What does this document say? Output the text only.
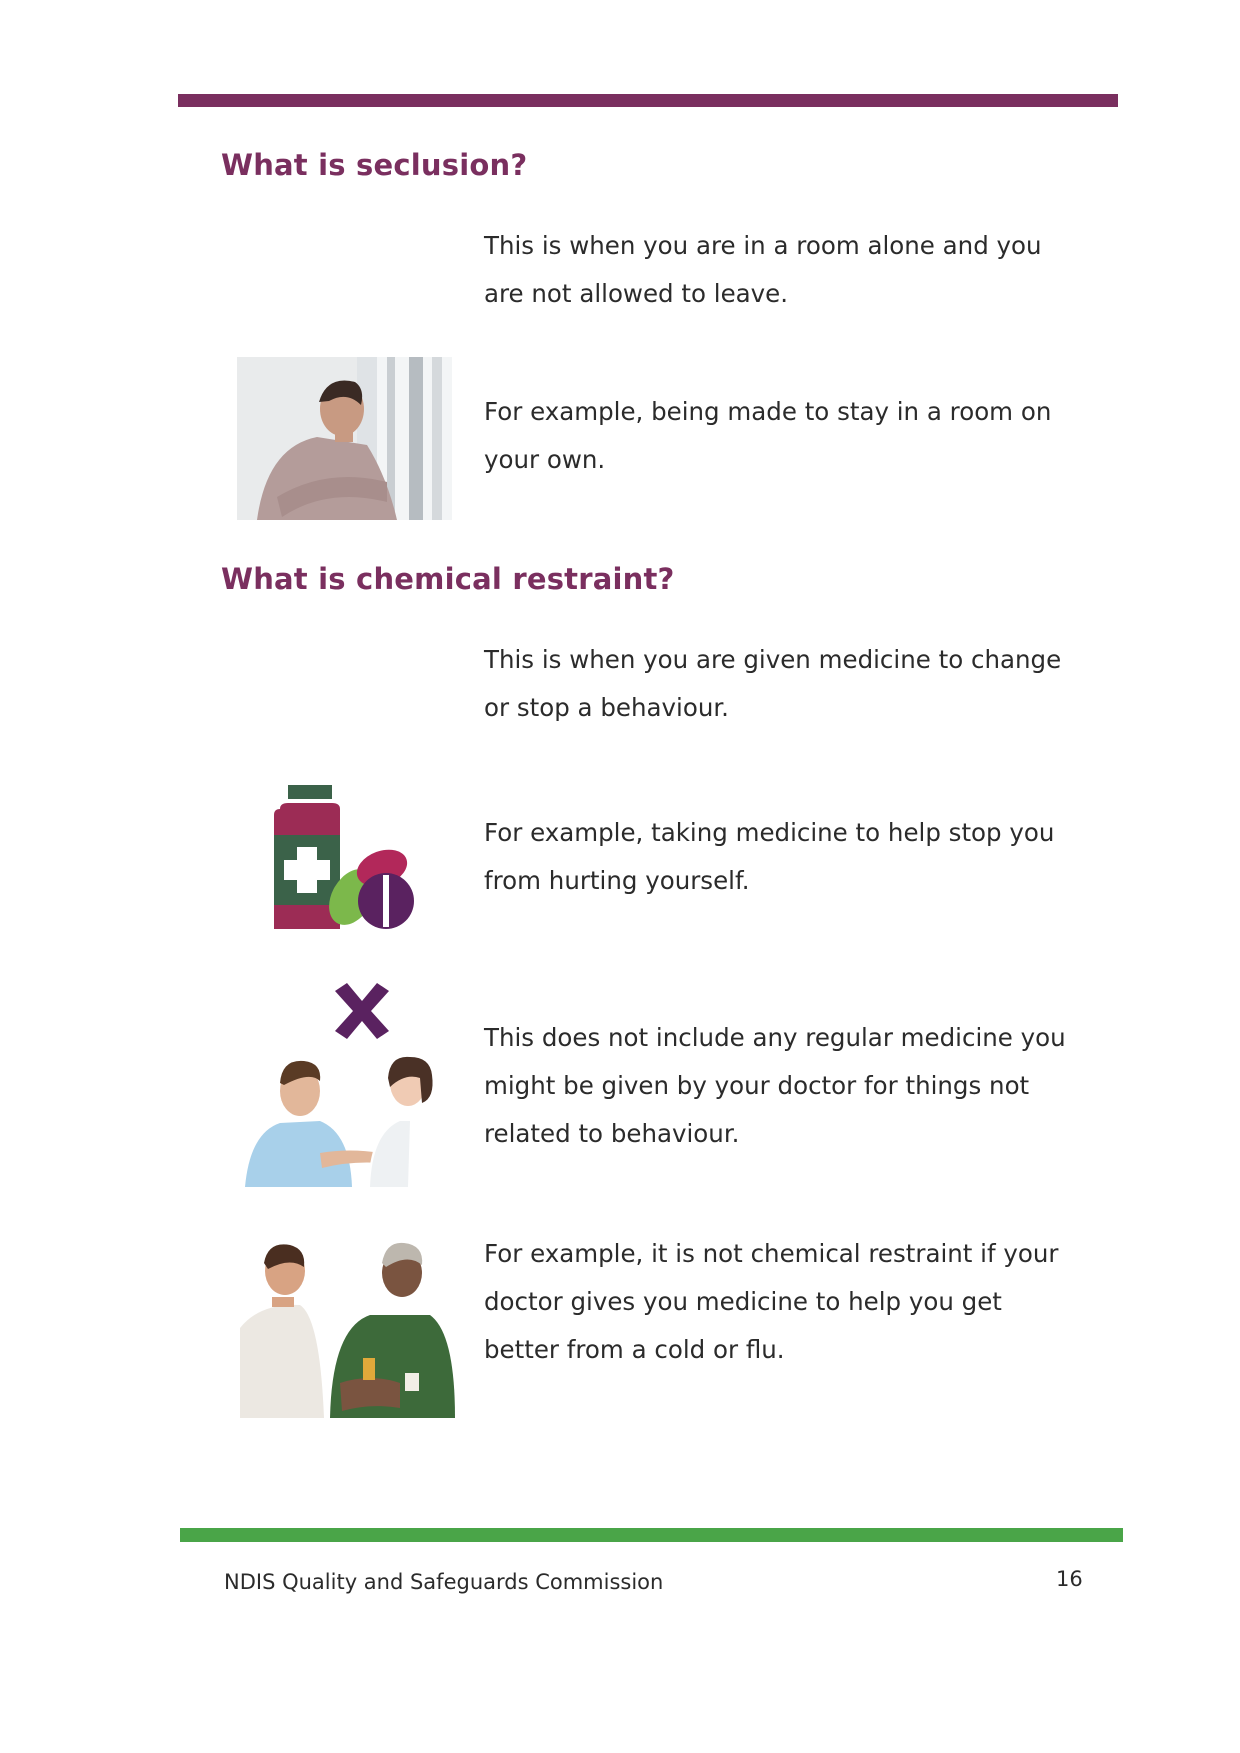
What is seclusion?

This is when you are in a room alone and you are not allowed to leave.

For example, being made to stay in a room on your own.

What is chemical restraint?

This is when you are given medicine to change or stop a behaviour.

For example, taking medicine to help stop you from hurting yourself.

This does not include any regular medicine you might be given by your doctor for things not related to behaviour.

For example, it is not chemical restraint if your doctor gives you medicine to help you get better from a cold or flu.

NDIS Quality and Safeguards Commission	16
